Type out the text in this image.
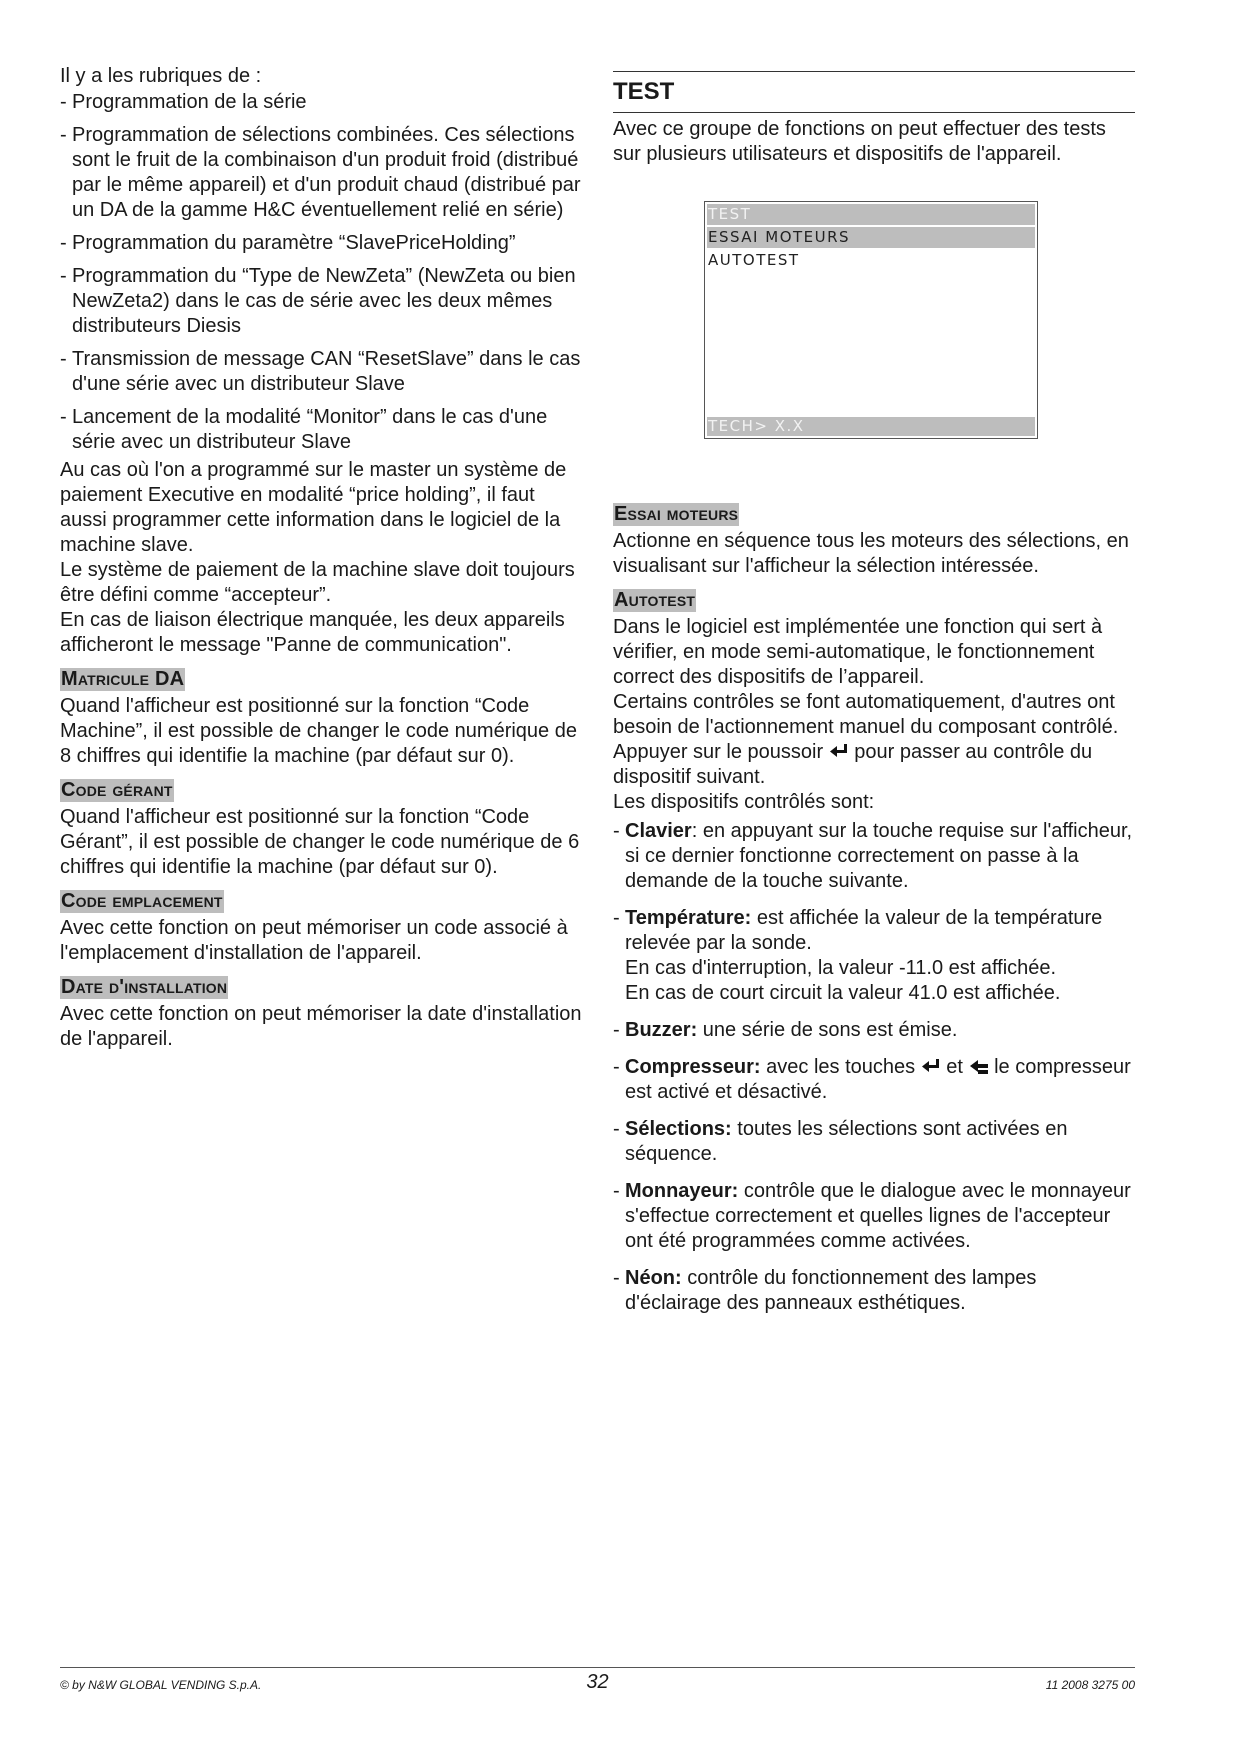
Il y a les rubriques de :

- Programmation de la série
- Programmation de sélections combinées. Ces sélections sont le fruit de la combinaison d'un produit froid (distribué par le même appareil) et d'un produit chaud (distribué par un DA de la gamme H&C éventuellement relié en série)
- Programmation du paramètre “SlavePriceHolding”
- Programmation du “Type de NewZeta” (NewZeta ou bien NewZeta2) dans le cas de série avec les deux mêmes distributeurs Diesis
- Transmission de message CAN “ResetSlave” dans le cas d'une série avec un distributeur Slave
- Lancement de la modalité “Monitor” dans le cas d'une série avec un distributeur Slave

Au cas où l'on a programmé sur le master un système de paiement Executive en modalité “price holding”, il faut aussi programmer cette information dans le logiciel de la machine slave.

Le système de paiement de la machine slave doit toujours être défini comme “accepteur”.

En cas de liaison électrique manquée, les deux appareils afficheront le message "Panne de communication".

Matricule DA

Quand l'afficheur est positionné sur la fonction “Code Machine”, il est possible de changer le code numérique de 8 chiffres qui identifie la machine (par défaut sur 0).

Code gérant

Quand l'afficheur est positionné sur la fonction “Code Gérant”, il est possible de changer le code numérique de 6 chiffres qui identifie la machine (par défaut sur 0).

Code emplacement

Avec cette fonction on peut mémoriser un code associé à l'emplacement d'installation de l'appareil.

Date d'installation

Avec cette fonction on peut mémoriser la date d'installation de l'appareil.

TEST

Avec ce groupe de fonctions on peut effectuer des tests sur plusieurs utilisateurs et dispositifs de l'appareil.

TEST
ESSAI MOTEURS
AUTOTEST
TECH> X.X
Essai moteurs

Actionne en séquence tous les moteurs des sélections, en visualisant sur l'afficheur la sélection intéressée.

Autotest

Dans le logiciel est implémentée une fonction qui sert à vérifier, en mode semi-automatique, le fonctionnement correct des dispositifs de l’appareil.

Certains contrôles se font automatiquement, d'autres ont besoin de l'actionnement manuel du composant contrôlé.

Appuyer sur le poussoir pour passer au contrôle du dispositif suivant.

Les dispositifs contrôlés sont:

- Clavier: en appuyant sur la touche requise sur l'afficheur, si ce dernier fonctionne correctement on passe à la demande de la touche suivante.
- Température: est affichée la valeur de la température relevée par la sonde.
En cas d'interruption, la valeur -11.0 est affichée.
En cas de court circuit la valeur 41.0 est affichée.
- Buzzer: une série de sons est émise.
- Compresseur: avec les touches et le compresseur est activé et désactivé.
- Sélections: toutes les sélections sont activées en séquence.
- Monnayeur: contrôle que le dialogue avec le monnayeur s'effectue correctement et quelles lignes de l'accepteur ont été programmées comme activées.
- Néon: contrôle du fonctionnement des lampes d'éclairage des panneaux esthétiques.
© by N&W GLOBAL VENDING S.p.A.	32	11 2008 3275 00
